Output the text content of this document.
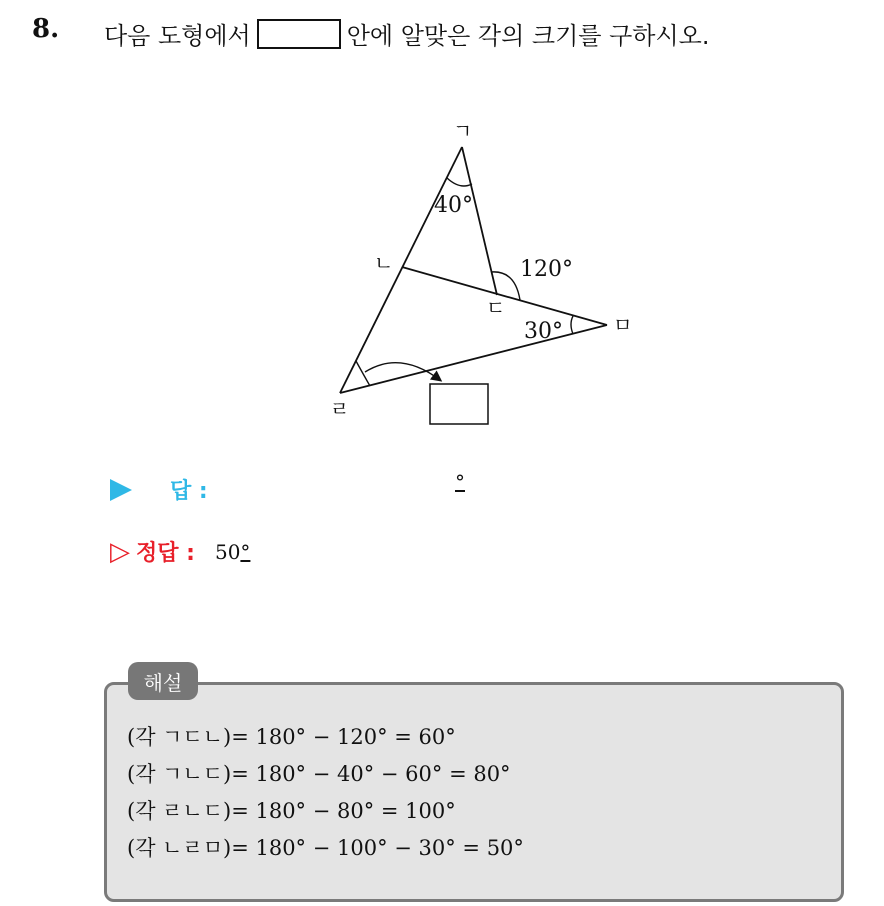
8. 다음 도형에서	안에 알맞은 각의 크기를 구하시오.
ㄱ
ㄴ
ㄷ
ㄹ
ㅁ
40°
120°
30°
답 :	°
▷ 정답 : 50°
해설
(각 ㄱㄷㄴ)= 180° − 120° = 60°
(각 ㄱㄴㄷ)= 180° − 40° − 60° = 80°
(각 ㄹㄴㄷ)= 180° − 80° = 100°
(각 ㄴㄹㅁ)= 180° − 100° − 30° = 50°
